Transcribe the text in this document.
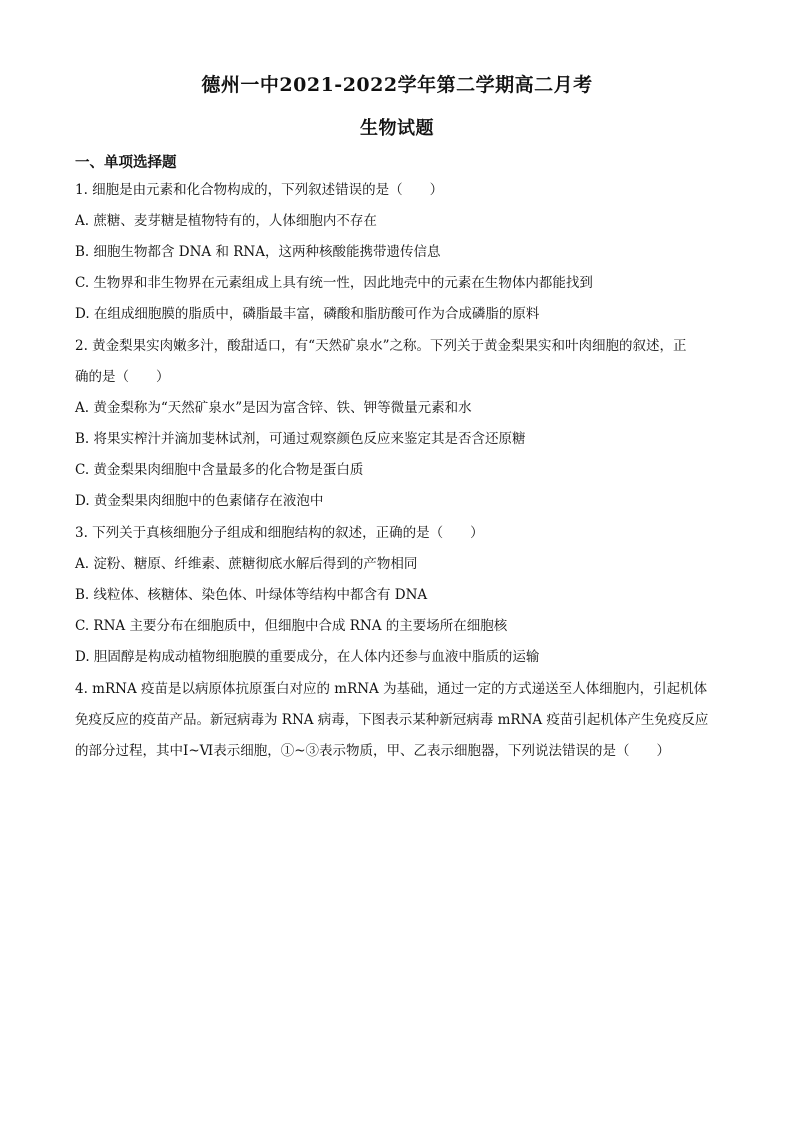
德州一中2021-2022学年第二学期高二月考
生物试题
一、单项选择题
1. 细胞是由元素和化合物构成的，下列叙述错误的是（　　）
A. 蔗糖、麦芽糖是植物特有的，人体细胞内不存在
B. 细胞生物都含 DNA 和 RNA，这两种核酸能携带遗传信息
C. 生物界和非生物界在元素组成上具有统一性，因此地壳中的元素在生物体内都能找到
D. 在组成细胞膜的脂质中，磷脂最丰富，磷酸和脂肪酸可作为合成磷脂的原料
2. 黄金梨果实肉嫩多汁，酸甜适口，有“天然矿泉水”之称。下列关于黄金梨果实和叶肉细胞的叙述，正
确的是（　　）
A. 黄金梨称为“天然矿泉水”是因为富含锌、铁、钾等微量元素和水
B. 将果实榨汁并滴加斐林试剂，可通过观察颜色反应来鉴定其是否含还原糖
C. 黄金梨果肉细胞中含量最多的化合物是蛋白质
D. 黄金梨果肉细胞中的色素储存在液泡中
3. 下列关于真核细胞分子组成和细胞结构的叙述，正确的是（　　）
A. 淀粉、糖原、纤维素、蔗糖彻底水解后得到的产物相同
B. 线粒体、核糖体、染色体、叶绿体等结构中都含有 DNA
C. RNA 主要分布在细胞质中，但细胞中合成 RNA 的主要场所在细胞核
D. 胆固醇是构成动植物细胞膜的重要成分，在人体内还参与血液中脂质的运输
4. mRNA 疫苗是以病原体抗原蛋白对应的 mRNA 为基础，通过一定的方式递送至人体细胞内，引起机体
免疫反应的疫苗产品。新冠病毒为 RNA 病毒，下图表示某种新冠病毒 mRNA 疫苗引起机体产生免疫反应
的部分过程，其中Ⅰ~Ⅵ表示细胞，①~③表示物质，甲、乙表示细胞器，下列说法错误的是（　　）
